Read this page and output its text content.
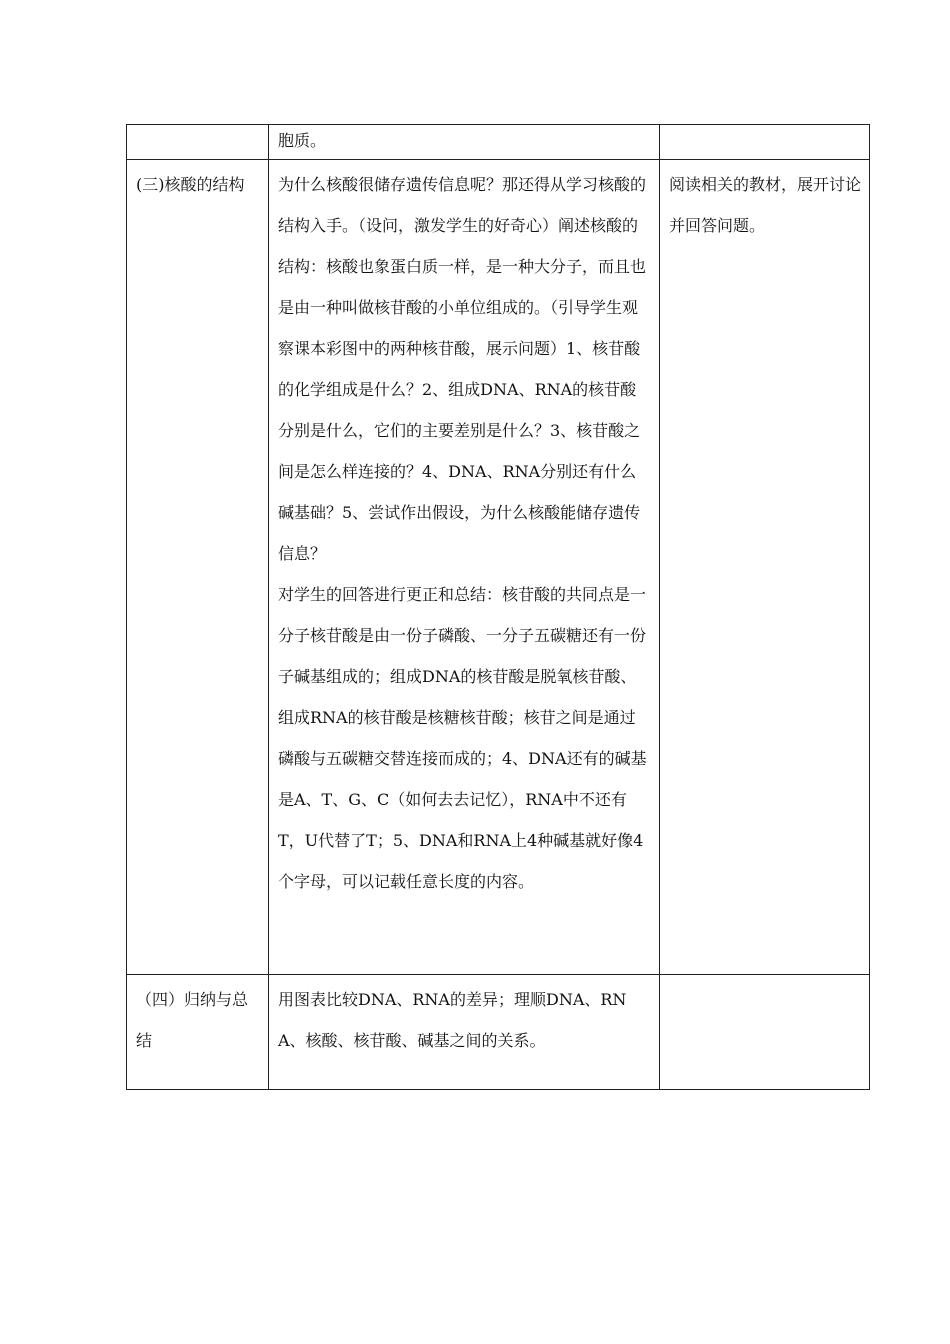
	胞质。	

(三)核酸的结构	为什么核酸很储存遗传信息呢？那还得从学习核酸的结构入手。（设问，激发学生的好奇心）阐述核酸的结构：核酸也象蛋白质一样，是一种大分子，而且也是由一种叫做核苷酸的小单位组成的。（引导学生观察课本彩图中的两种核苷酸，展示问题）1、核苷酸的化学组成是什么？2、组成DNA、RNA的核苷酸分别是什么，它们的主要差别是什么？3、核苷酸之间是怎么样连接的？4、DNA、RNA分别还有什么碱基础？5、尝试作出假设，为什么核酸能储存遗传信息？

对学生的回答进行更正和总结：核苷酸的共同点是一分子核苷酸是由一份子磷酸、一分子五碳糖还有一份子碱基组成的；组成DNA的核苷酸是脱氧核苷酸、组成RNA的核苷酸是核糖核苷酸；核苷之间是通过磷酸与五碳糖交替连接而成的；4、DNA还有的碱基是A、T、G、C（如何去去记忆），RNA中不还有T，U代替了T；5、DNA和RNA上4种碱基就好像4个字母，可以记载任意长度的内容。	阅读相关的教材，展开讨论并回答问题。
（四）归纳与总结	用图表比较DNA、RNA的差异；理顺DNA、RNA、核酸、核苷酸、碱基之间的关系。	
